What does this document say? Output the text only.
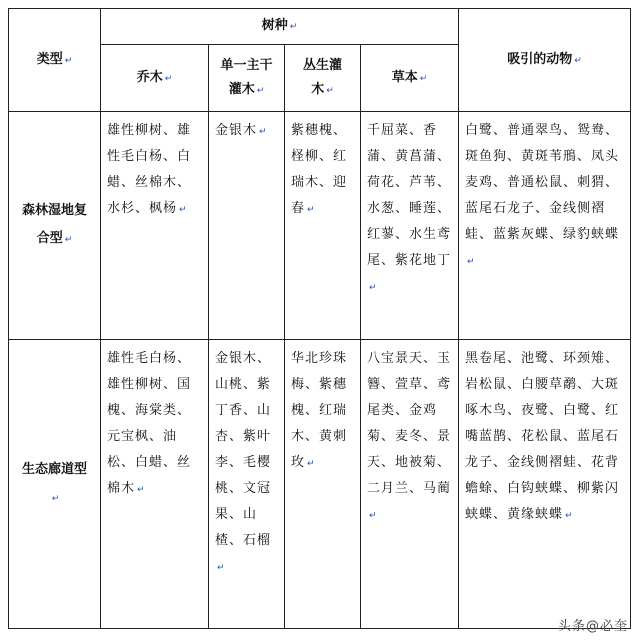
类型 ↵	树种 ↵				吸引的动物 ↵
	乔木 ↵	单一主干灌木 ↵	丛生灌木 ↵	草本 ↵	
森林湿地复合型 ↵	雄性柳树、雄性毛白杨、白蜡、丝棉木、水杉、枫杨 ↵	金银木 ↵	紫穗槐、柽柳、红瑞木、迎春 ↵	千屈菜、香蒲、黄菖蒲、荷花、芦苇、水葱、睡莲、红蓼、水生鸢尾、紫花地丁↵	白鹭、普通翠鸟、鸳鸯、斑鱼狗、黄斑苇鳽、凤头麦鸡、普通松鼠、刺猬、蓝尾石龙子、金线侧褶蛙、蓝紫灰蝶、绿豹蛱蝶↵
生态廊道型↵	雄性毛白杨、雄性柳树、国槐、海棠类、元宝枫、油松、白蜡、丝棉木 ↵	金银木、山桃、紫丁香、山杏、紫叶李、毛樱桃、文冠果、山楂、石榴↵	华北珍珠梅、紫穗槐、红瑞木、黄刺玫 ↵	八宝景天、玉簪、萱草、鸢尾类、金鸡菊、麦冬、景天、地被菊、二月兰、马蔺↵	黑卷尾、池鹭、环颈雉、岩松鼠、白腰草鹬、大斑啄木鸟、夜鹭、白鹭、红嘴蓝鹊、花松鼠、蓝尾石龙子、金线侧褶蛙、花背蟾蜍、白钩蛱蝶、柳紫闪蛱蝶、黄缘蛱蝶 ↵
头条@必奎
